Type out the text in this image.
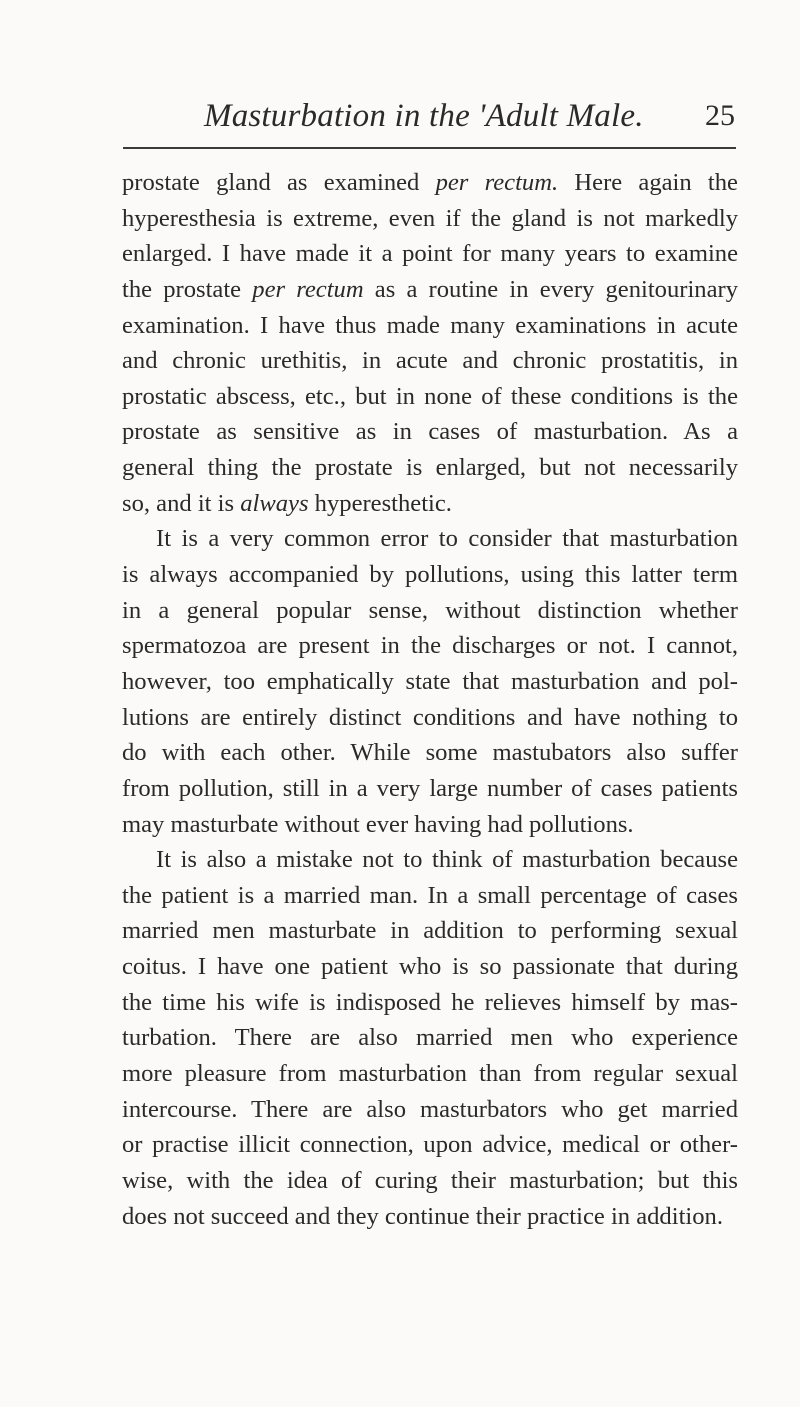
Masturbation in the 'Adult Male. 25
prostate gland as examined per rectum. Here again the
hyperesthesia is extreme, even if the gland is not markedly
enlarged. I have made it a point for many years to examine
the prostate per rectum as a routine in every genitourinary
examination. I have thus made many examinations in acute
and chronic urethitis, in acute and chronic prostatitis, in
prostatic abscess, etc., but in none of these conditions is the
prostate as sensitive as in cases of masturbation. As a
general thing the prostate is enlarged, but not necessarily
so, and it is always hyperesthetic.
It is a very common error to consider that masturbation
is always accompanied by pollutions, using this latter term
in a general popular sense, without distinction whether
spermatozoa are present in the discharges or not. I cannot,
however, too emphatically state that masturbation and pol-
lutions are entirely distinct conditions and have nothing to
do with each other. While some mastubators also suffer
from pollution, still in a very large number of cases patients
may masturbate without ever having had pollutions.
It is also a mistake not to think of masturbation because
the patient is a married man. In a small percentage of cases
married men masturbate in addition to performing sexual
coitus. I have one patient who is so passionate that during
the time his wife is indisposed he relieves himself by mas-
turbation. There are also married men who experience
more pleasure from masturbation than from regular sexual
intercourse. There are also masturbators who get married
or practise illicit connection, upon advice, medical or other-
wise, with the idea of curing their masturbation; but this
does not succeed and they continue their practice in addition.
